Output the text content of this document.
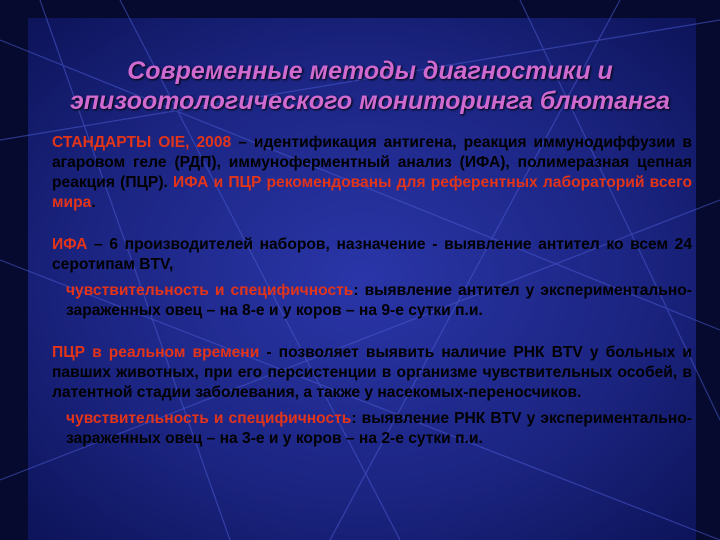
Современные методы диагностики и
эпизоотологического мониторинга блютанга

СТАНДАРТЫ OIE, 2008 – идентификация антигена, реакция иммунодиффузии в агаровом геле (РДП), иммуноферментный анализ (ИФА), полимеразная цепная реакция (ПЦР). ИФА и ПЦР рекомендованы для референтных лабораторий всего мира.

ИФА – 6 производителей наборов, назначение - выявление антител ко всем 24 серотипам BTV,

чувствительность и специфичность: выявление антител у экспериментально-зараженных овец – на 8-е и у коров – на 9-е сутки п.и.

ПЦР в реальном времени - позволяет выявить наличие РНК BTV у больных и павших животных, при его персистенции в организме чувствительных особей, в латентной стадии заболевания, а также у насекомых-переносчиков.

чувствительность и специфичность: выявление РНК BTV у экспериментально-зараженных овец – на 3-е и у коров – на 2-е сутки п.и.
